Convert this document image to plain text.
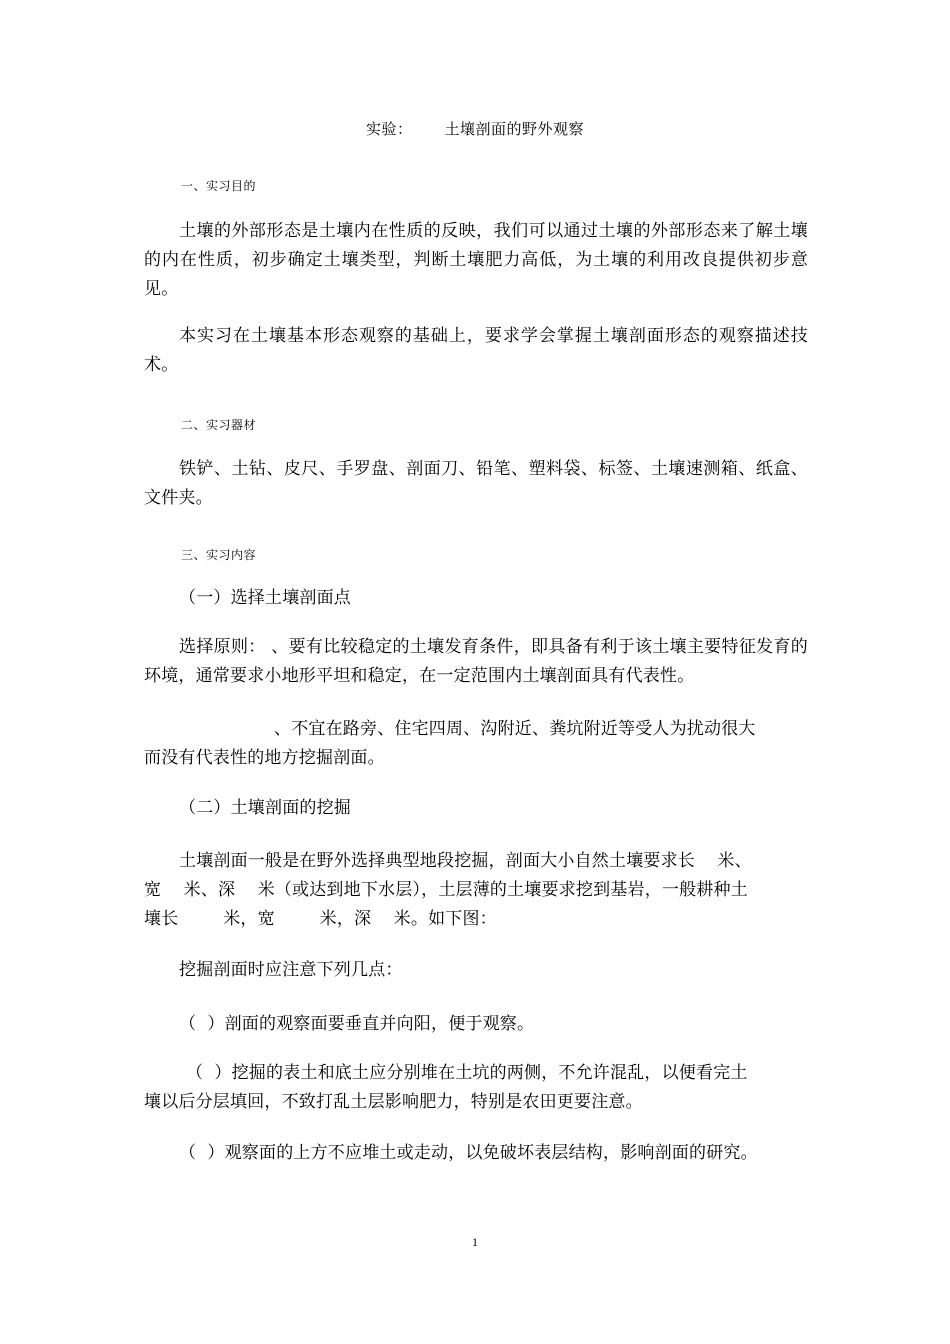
实验： 土壤剖面的野外观察
一、实习目的
土壤的外部形态是土壤内在性质的反映，我们可以通过土壤的外部形态来了解土壤的内在性质，初步确定土壤类型，判断土壤肥力高低，为土壤的利用改良提供初步意见。
本实习在土壤基本形态观察的基础上，要求学会掌握土壤剖面形态的观察描述技术。
二、实习器材
铁铲、土钻、皮尺、手罗盘、剖面刀、铅笔、塑料袋、标签、土壤速测箱、纸盒、文件夹。
三、实习内容
（一）选择土壤剖面点
选择原则： 、要有比较稳定的土壤发育条件，即具备有利于该土壤主要特征发育的环境，通常要求小地形平坦和稳定，在一定范围内土壤剖面具有代表性。
、不宜在路旁、住宅四周、沟附近、粪坑附近等受人为扰动很大
而没有代表性的地方挖掘剖面。
（二）土壤剖面的挖掘
土壤剖面一般是在野外选择典型地段挖掘，剖面大小自然土壤要求长    米、
宽    米、深    米（或达到地下水层），土层薄的土壤要求挖到基岩，一般耕种土
壤长        米，宽        米，深    米。如下图：
挖掘剖面时应注意下列几点：
（  ）剖面的观察面要垂直并向阳，便于观察。
（  ）挖掘的表土和底土应分别堆在土坑的两侧，不允许混乱，以便看完土
壤以后分层填回，不致打乱土层影响肥力，特别是农田更要注意。
（  ）观察面的上方不应堆土或走动，以免破坏表层结构，影响剖面的研究。
1
